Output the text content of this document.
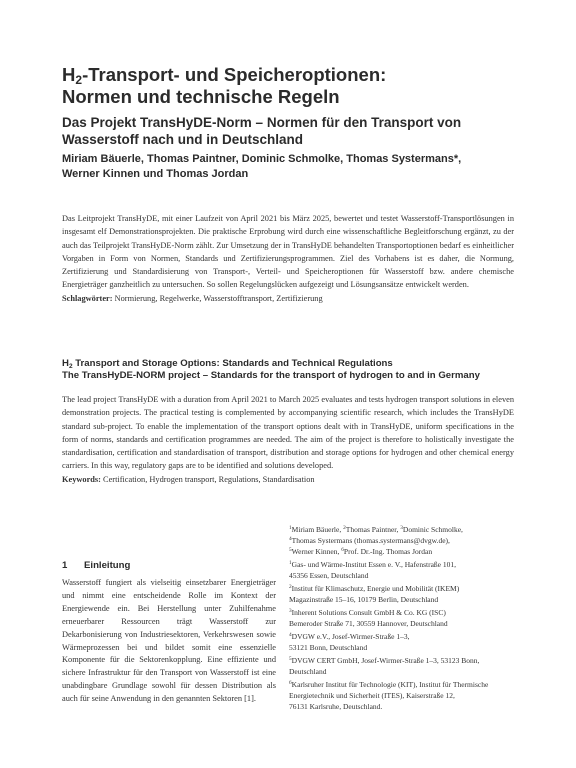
$H_2-Transport-$ und Speicheroptionen:
Normen und technische Regeln
Das Projekt TransHyDE-Norm – Normen für den Transport von Wasserstoff nach und in Deutschland
Miriam Bäuerle, Thomas Paintner, Dominic Schmolke, Thomas Systermans*,
Werner Kinnen und Thomas Jordan
Das Leitprojekt TransHyDE, mit einer Laufzeit von April 2021 bis März 2025, bewertet und testet Wasserstoff-Transportlösungen in insgesamt elf Demonstrationsprojekten. Die praktische Erprobung wird durch eine wissenschaftliche Begleitforschung ergänzt, zu der auch das Teilprojekt TransHyDE-Norm zählt. Zur Umsetzung der in TransHyDE behandelten Transportoptionen bedarf es einheitlicher Vorgaben in Form von Normen, Standards und Zertifizierungsprogrammen. Ziel des Vorhabens ist es daher, die Normung, Zertifizierung und Standardisierung von Transport-, Verteil- und Speicheroptionen für Wasserstoff bzw. andere chemische Energieträger ganzheitlich zu untersuchen. So sollen Regelungslücken aufgezeigt und Lösungsansätze entwickelt werden.
Schlagwörter: Normierung, Regelwerke, Wasserstofftransport, Zertifizierung
$H_2$ Transport and Storage Options: Standards and Technical Regulations
The TransHyDE-NORM project – Standards for the transport of hydrogen to and in Germany
The lead project TransHyDE with a duration from April 2021 to March 2025 evaluates and tests hydrogen transport solutions in eleven demonstration projects. The practical testing is complemented by accompanying scientific research, which includes the TransHyDE standard sub-project. To enable the implementation of the transport options dealt with in TransHyDE, uniform specifications in the form of norms, standards and certification programmes are needed. The aim of the project is therefore to holistically investigate the standardisation, certification and standardisation of transport, distribution and storage options for hydrogen and other chemical energy carriers. In this way, regulatory gaps are to be identified and solutions developed.
Keywords: Certification, Hydrogen transport, Regulations, Standardisation
1 Einleitung
Wasserstoff fungiert als vielseitig einsetzbarer Energieträger und nimmt eine entscheidende Rolle im Kontext der Energiewende ein. Bei Herstellung unter Zuhilfenahme erneuerbarer Ressourcen trägt Wasserstoff zur Dekarbonisierung von Industriesektoren, Verkehrswesen sowie Wärmeprozessen bei und bildet somit eine essenzielle Komponente für die Sektorenkopplung. Eine effiziente und sichere Infrastruktur für den Transport von Wasserstoff ist eine unabdingbare Grundlage sowohl für dessen Distribution als auch für seine Anwendung in den genannten Sektoren [1].
$^1$Miriam Bäuerle, $^2$Thomas Paintner, $^3$Dominic Schmolke,
$^4$Thomas Systermans (thomas.systermans@dvgw.de),
$^5$Werner Kinnen, $^6$Prof. Dr.-Ing. Thomas Jordan
$^1$Gas- und Wärme-Institut Essen e. V., Hafenstraße 101,
45356 Essen, Deutschland
$^2$Institut für Klimaschutz, Energie und Mobilität (IKEM)
Magazinstraße 15–16, 10179 Berlin, Deutschland
$^3$Inherent Solutions Consult GmbH & Co. KG (ISC)
Bemeroder Straße 71, 30559 Hannover, Deutschland
$^4$DVGW e.V., Josef-Wirmer-Straße 1–3,
53121 Bonn, Deutschland
$^5$DVGW CERT GmbH, Josef-Wirmer-Straße 1–3, 53123 Bonn,
Deutschland
$^6$Karlsruher Institut für Technologie (KIT), Institut für Thermische
Energietechnik und Sicherheit (ITES), Kaiserstraße 12,
76131 Karlsruhe, Deutschland.
